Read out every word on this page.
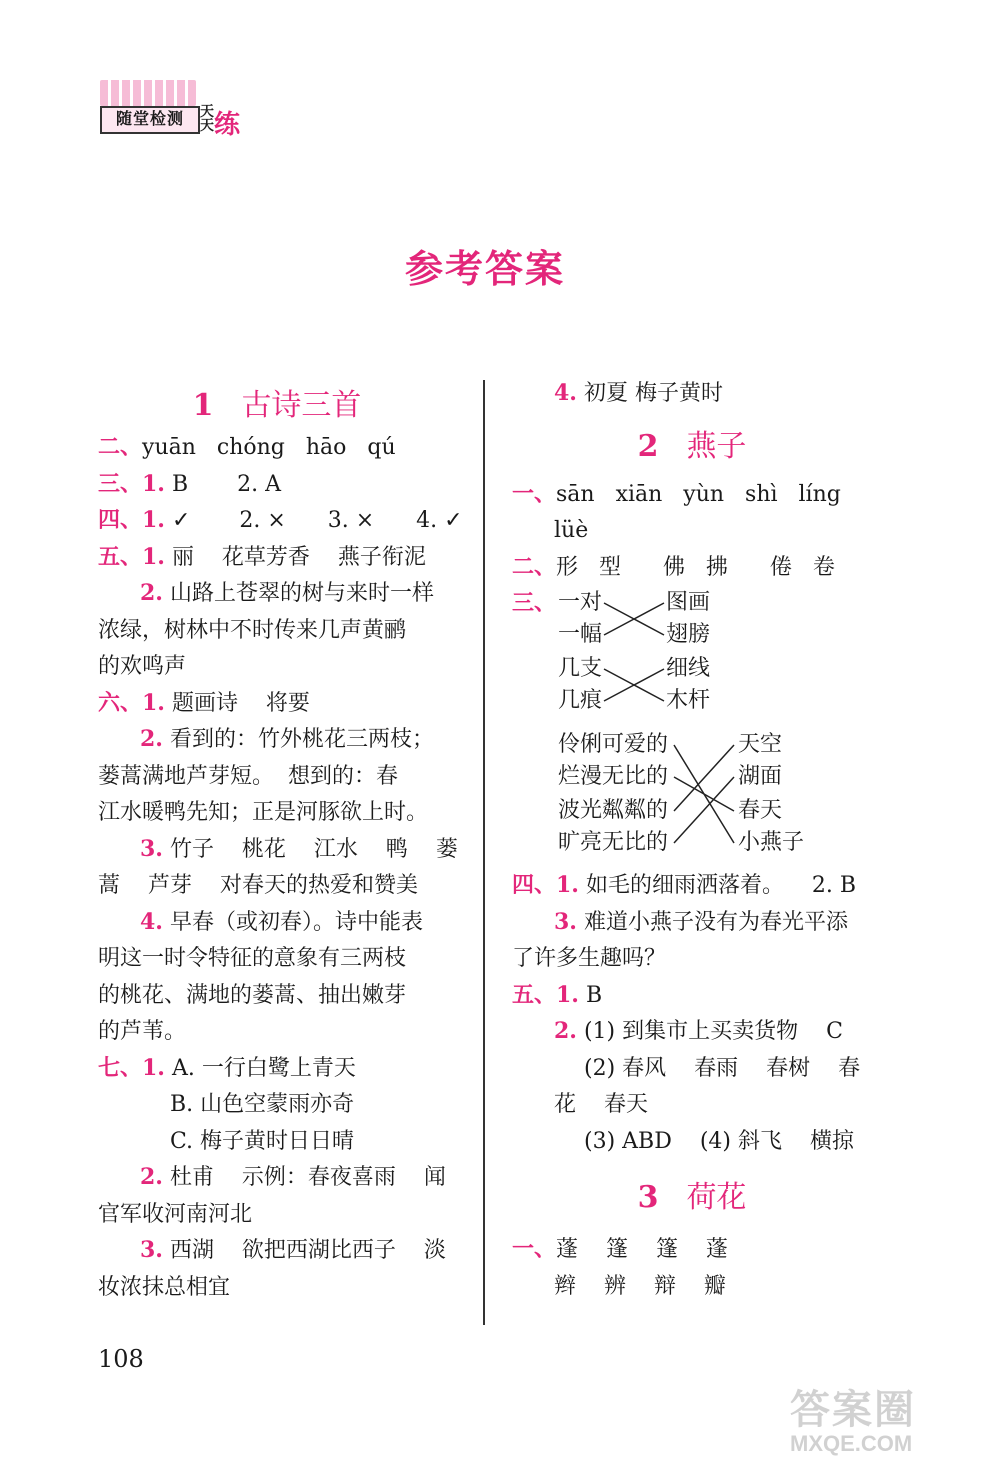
随堂检测	天天 练
参考答案
1 古诗三首
二、yuān   chóng   hāo   qú
三、1. B       2. A
四、1. ✓       2. ×      3. ×      4. ✓
五、1. 丽    花草芳香    燕子衔泥
2. 山路上苍翠的树与来时一样
浓绿，树林中不时传来几声黄鹂
的欢鸣声
六、1. 题画诗    将要
2. 看到的：竹外桃花三两枝；
蒌蒿满地芦芽短。  想到的：春
江水暖鸭先知；正是河豚欲上时。
3. 竹子    桃花    江水    鸭    蒌
蒿    芦芽    对春天的热爱和赞美
4. 早春（或初春）。诗中能表
明这一时令特征的意象有三两枝
的桃花、满地的蒌蒿、抽出嫩芽
的芦苇。
七、1. A. 一行白鹭上青天
B. 山色空蒙雨亦奇
C. 梅子黄时日日晴
2. 杜甫    示例：春夜喜雨    闻
官军收河南河北
3. 西湖    欲把西湖比西子    淡
妆浓抹总相宜
4. 初夏 梅子黄时
2 燕子
一、sān   xiān   yùn   shì   líng
lüè
二、形   型      佛   拂      倦   卷
三、 一对
一幅
几支
几痕
图画
翅膀
细线
木杆
伶俐可爱的
烂漫无比的
波光粼粼的
旷亮无比的
天空
湖面
春天
小燕子
四、1. 如毛的细雨洒落着。    2. B
3. 难道小燕子没有为春光平添
了许多生趣吗？
五、1. B
2. (1) 到集市上买卖货物    C
(2) 春风    春雨    春树    春
花    春天
(3) ABD    (4) 斜飞    横掠
3 荷花
一、蓬    篷    篷    蓬
辫    辨    辩    瓣
108
答案圈
MXQE.COM
